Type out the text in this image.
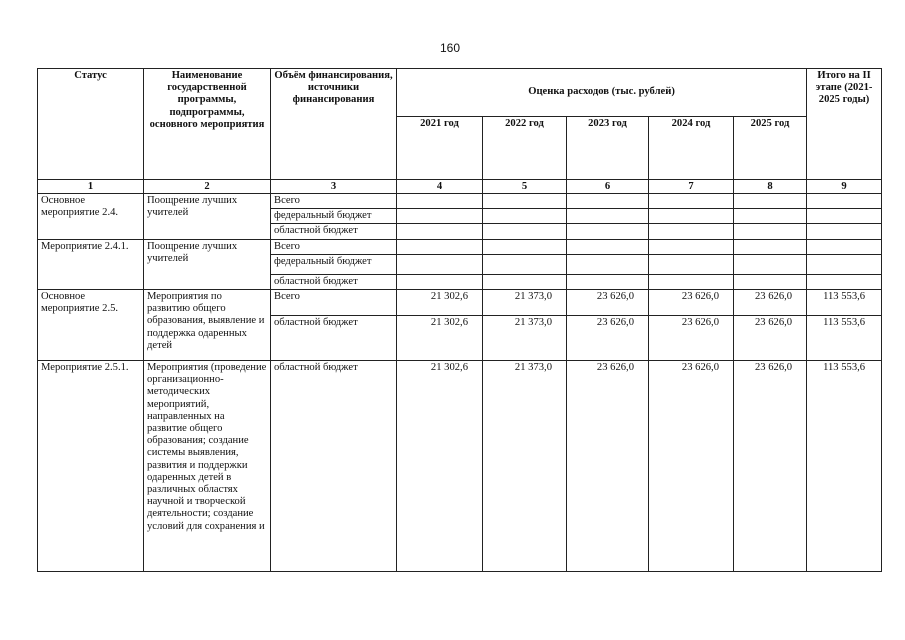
160
Статус	Наименование государственной программы, подпрограммы, основного мероприятия	Объём финансирования, источники финансирования	Оценка расходов (тыс. рублей)					Итого на II этапе (2021-2025 годы)
			2021 год	2022 год	2023 год	2024 год	2025 год	
1	2	3	4	5	6	7	8	9
Основное мероприятие 2.4.	Поощрение лучших учителей	Всего						
		федеральный бюджет						
		областной бюджет						
Мероприятие 2.4.1.	Поощрение лучших учителей	Всего						
		федеральный бюджет						
		областной бюджет						
Основное мероприятие 2.5.	Мероприятия по развитию общего образования, выявление и поддержка одаренных детей	Всего	21 302,6	21 373,0	23 626,0	23 626,0	23 626,0	113 553,6
		областной бюджет	21 302,6	21 373,0	23 626,0	23 626,0	23 626,0	113 553,6
Мероприятие 2.5.1.	Мероприятия (проведение организационно-методических мероприятий, направленных на развитие общего образования; создание системы выявления, развития и поддержки одаренных детей в различных областях научной и творческой деятельности; создание условий для сохранения и	областной бюджет	21 302,6	21 373,0	23 626,0	23 626,0	23 626,0	113 553,6
